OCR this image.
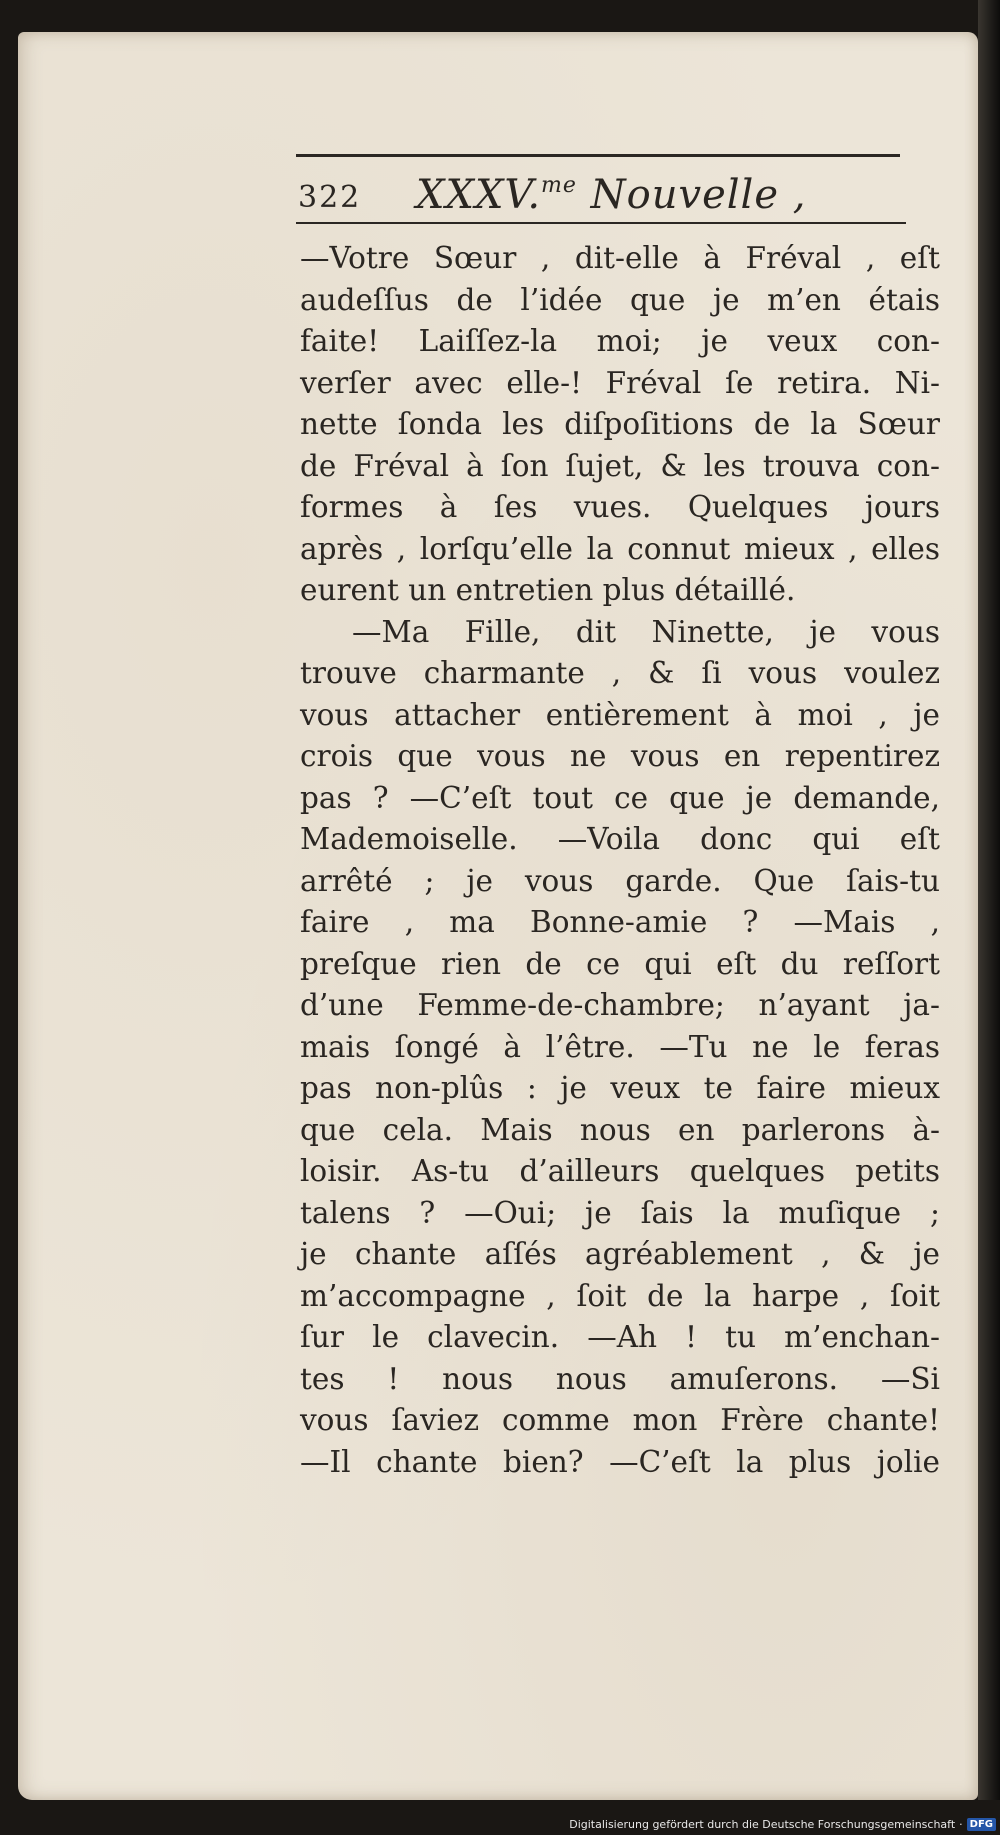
322 XXXV.$^{me}$ Nouvelle ,
—Votre Sœur , dit-elle à Fréval , eſt
audeſſus de l’idée que je m’en étais
faite! Laiſſez-la moi; je veux con-
verſer avec elle-! Fréval ſe retira. Ni-
nette ſonda les diſpoſitions de la Sœur
de Fréval à ſon ſujet, & les trouva con-
formes à ſes vues. Quelques jours
après , lorſqu’elle la connut mieux , elles
eurent un entretien plus détaillé.
—Ma Fille, dit Ninette, je vous
trouve charmante , & ſi vous voulez
vous attacher entièrement à moi , je
crois que vous ne vous en repentirez
pas ? —C’eſt tout ce que je demande,
Mademoiselle. —Voila donc qui eſt
arrêté ; je vous garde. Que ſais-tu
faire , ma Bonne-amie ? —Mais ,
preſque rien de ce qui eſt du reſſort
d’une Femme-de-chambre; n’ayant ja-
mais ſongé à l’être. —Tu ne le feras
pas non-plûs : je veux te faire mieux
que cela. Mais nous en parlerons à-
loisir. As-tu d’ailleurs quelques petits
talens ? —Oui; je ſais la muſique ;
je chante aſſés agréablement , & je
m’accompagne , ſoit de la harpe , ſoit
ſur le clavecin. —Ah ! tu m’enchan-
tes ! nous nous amuſerons. —Si
vous ſaviez comme mon Frère chante!
—Il chante bien? —C’eſt la plus jolie
Digitalisierung gefördert durch die Deutsche Forschungsgemeinschaft · DFG
